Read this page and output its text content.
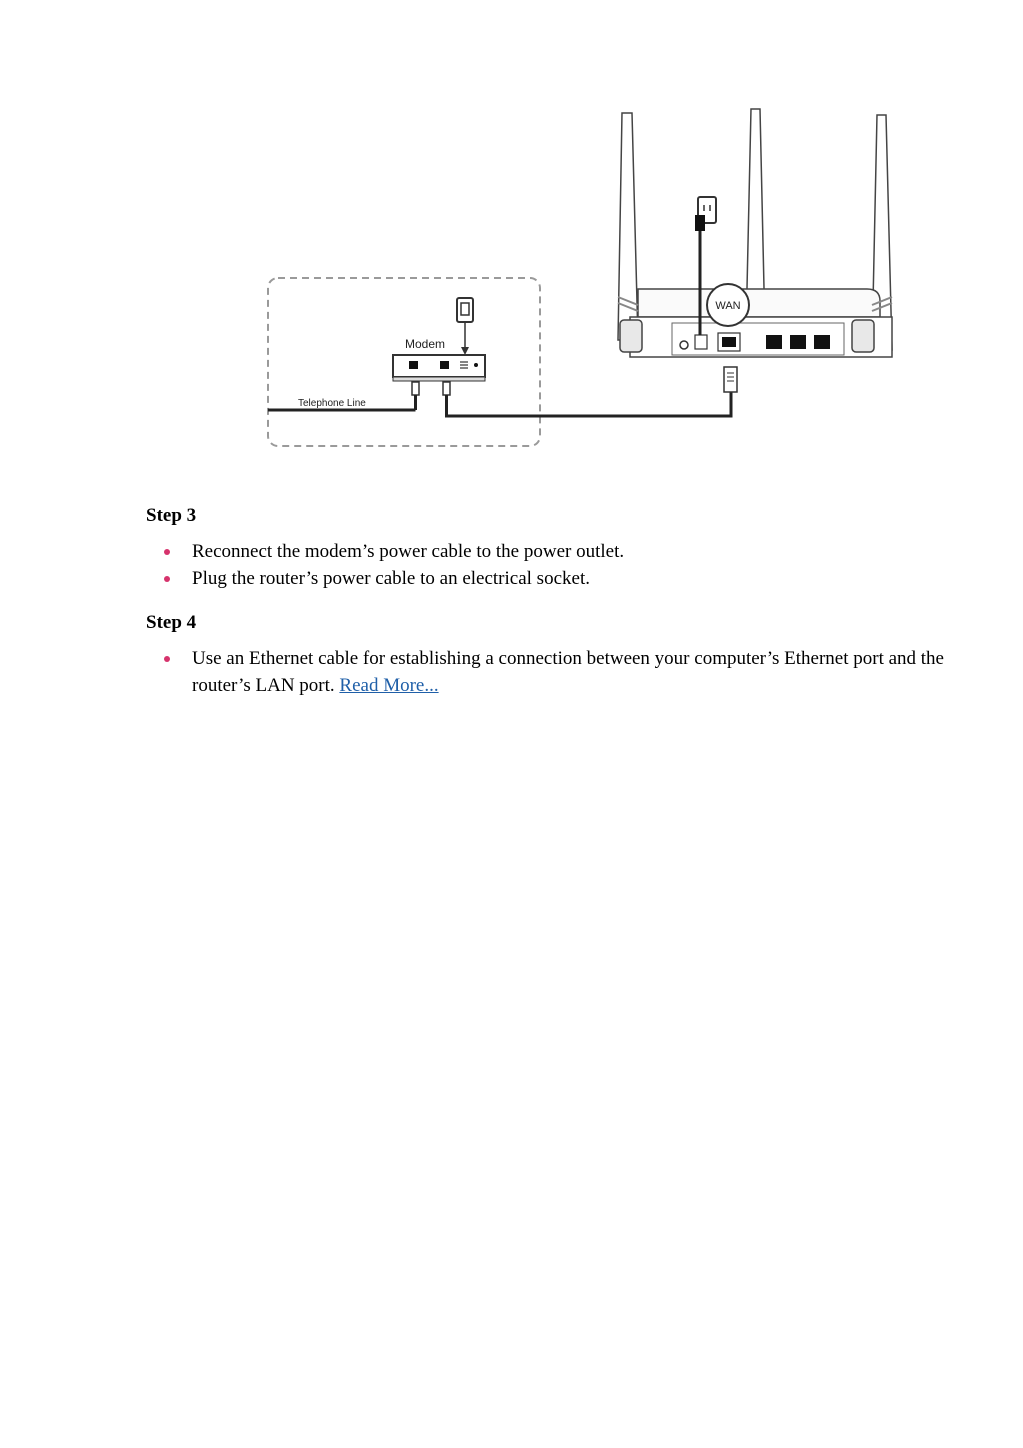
Modem
Telephone Line
WAN
Step 3
Reconnect the modem’s power cable to the power outlet.
Plug the router’s power cable to an electrical socket.
Step 4
Use an Ethernet cable for establishing a connection between your computer’s Ethernet port and the router’s LAN port. Read More...
